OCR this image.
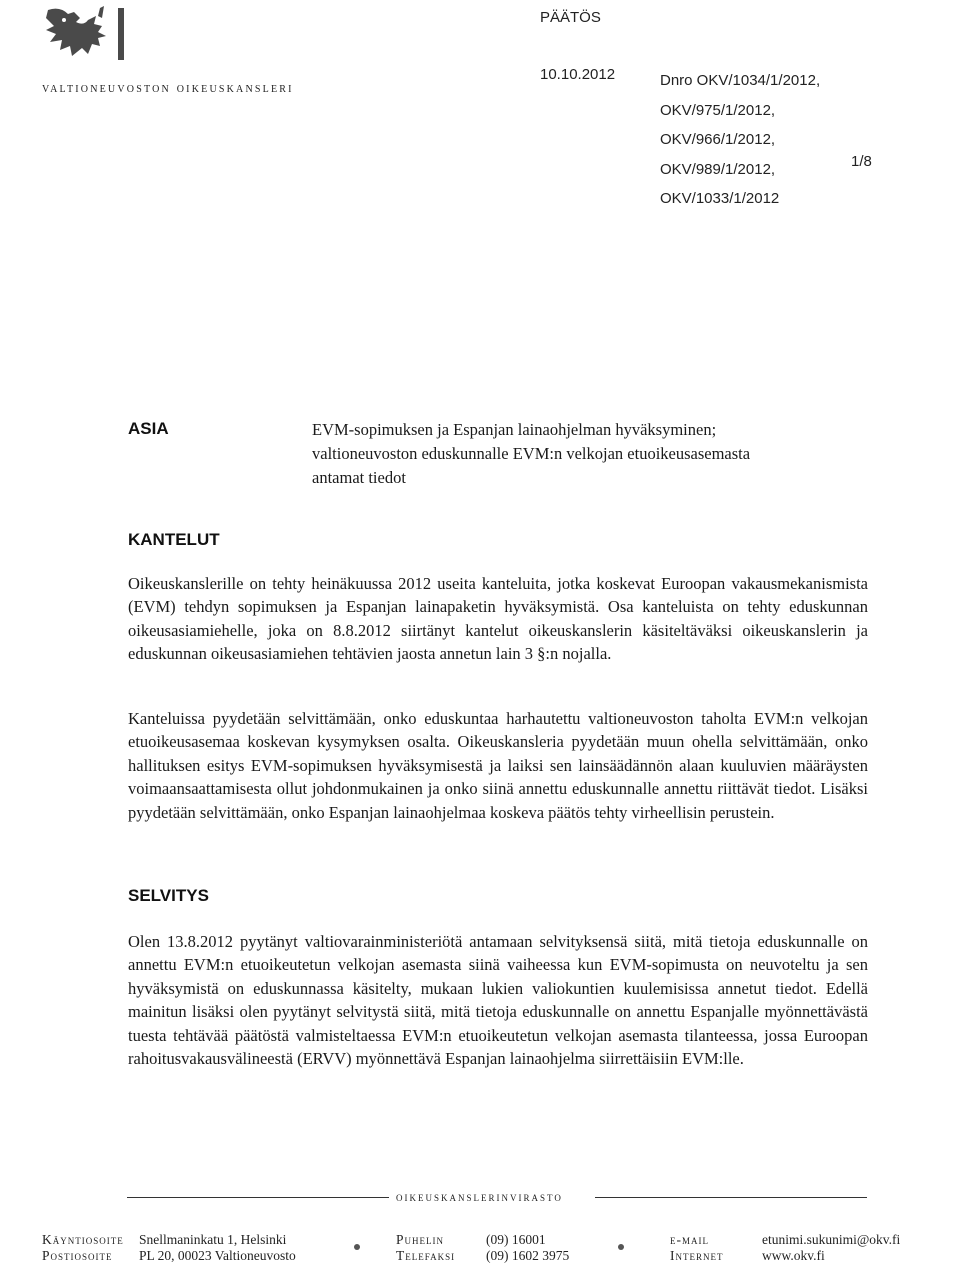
valtioneuvoston oikeuskansleri
PÄÄTÖS
10.10.2012	Dnro OKV/1034/1/2012,
OKV/975/1/2012,
OKV/966/1/2012,
OKV/989/1/2012,
OKV/1033/1/2012
1/8
ASIA	EVM-sopimuksen ja Espanjan lainaohjelman hyväksyminen;
valtioneuvoston eduskunnalle EVM:n velkojan etuoikeusasemasta
antamat tiedot
KANTELUT
Oikeuskanslerille on tehty heinäkuussa 2012 useita kanteluita, jotka koskevat Euroopan vakausmekanismista (EVM) tehdyn sopimuksen ja Espanjan lainapaketin hyväksymistä. Osa kanteluista on tehty eduskunnan oikeusasiamiehelle, joka on 8.8.2012 siirtänyt kantelut oikeuskanslerin käsiteltäväksi oikeuskanslerin ja eduskunnan oikeusasiamiehen tehtävien jaosta annetun lain 3 §:n nojalla.
Kanteluissa pyydetään selvittämään, onko eduskuntaa harhautettu valtioneuvoston taholta EVM:n velkojan etuoikeusasemaa koskevan kysymyksen osalta. Oikeuskansleria pyydetään muun ohella selvittämään, onko hallituksen esitys EVM-sopimuksen hyväksymisestä ja laiksi sen lainsäädännön alaan kuuluvien määräysten voimaansaattamisesta ollut johdonmukainen ja onko siinä annettu eduskunnalle annettu riittävät tiedot. Lisäksi pyydetään selvittämään, onko Espanjan lainaohjelmaa koskeva päätös tehty virheellisin perustein.
SELVITYS
Olen 13.8.2012 pyytänyt valtiovarainministeriötä antamaan selvityksensä siitä, mitä tietoja eduskunnalle on annettu EVM:n etuoikeutetun velkojan asemasta siinä vaiheessa kun EVM-sopimusta on neuvoteltu ja sen hyväksymistä on eduskunnassa käsitelty, mukaan lukien valiokuntien kuulemisissa annetut tiedot. Edellä mainitun lisäksi olen pyytänyt selvitystä siitä, mitä tietoja eduskunnalle on annettu Espanjalle myönnettävästä tuesta tehtävää päätöstä valmisteltaessa EVM:n etuoikeutetun velkojan asemasta tilanteessa, jossa Euroopan rahoitusvakausvälineestä (ERVV) myönnettävä Espanjan lainaohjelma siirrettäisiin EVM:lle.
oikeuskanslerinvirasto
Käyntiosoite Snellmaninkatu 1, Helsinki
Postiosoite PL 20, 00023 Valtioneuvosto
Puhelin	(09) 16001
Telefaksi (09) 1602 3975
e-mail	etunimi.sukunimi@okv.fi
Internet	www.okv.fi
